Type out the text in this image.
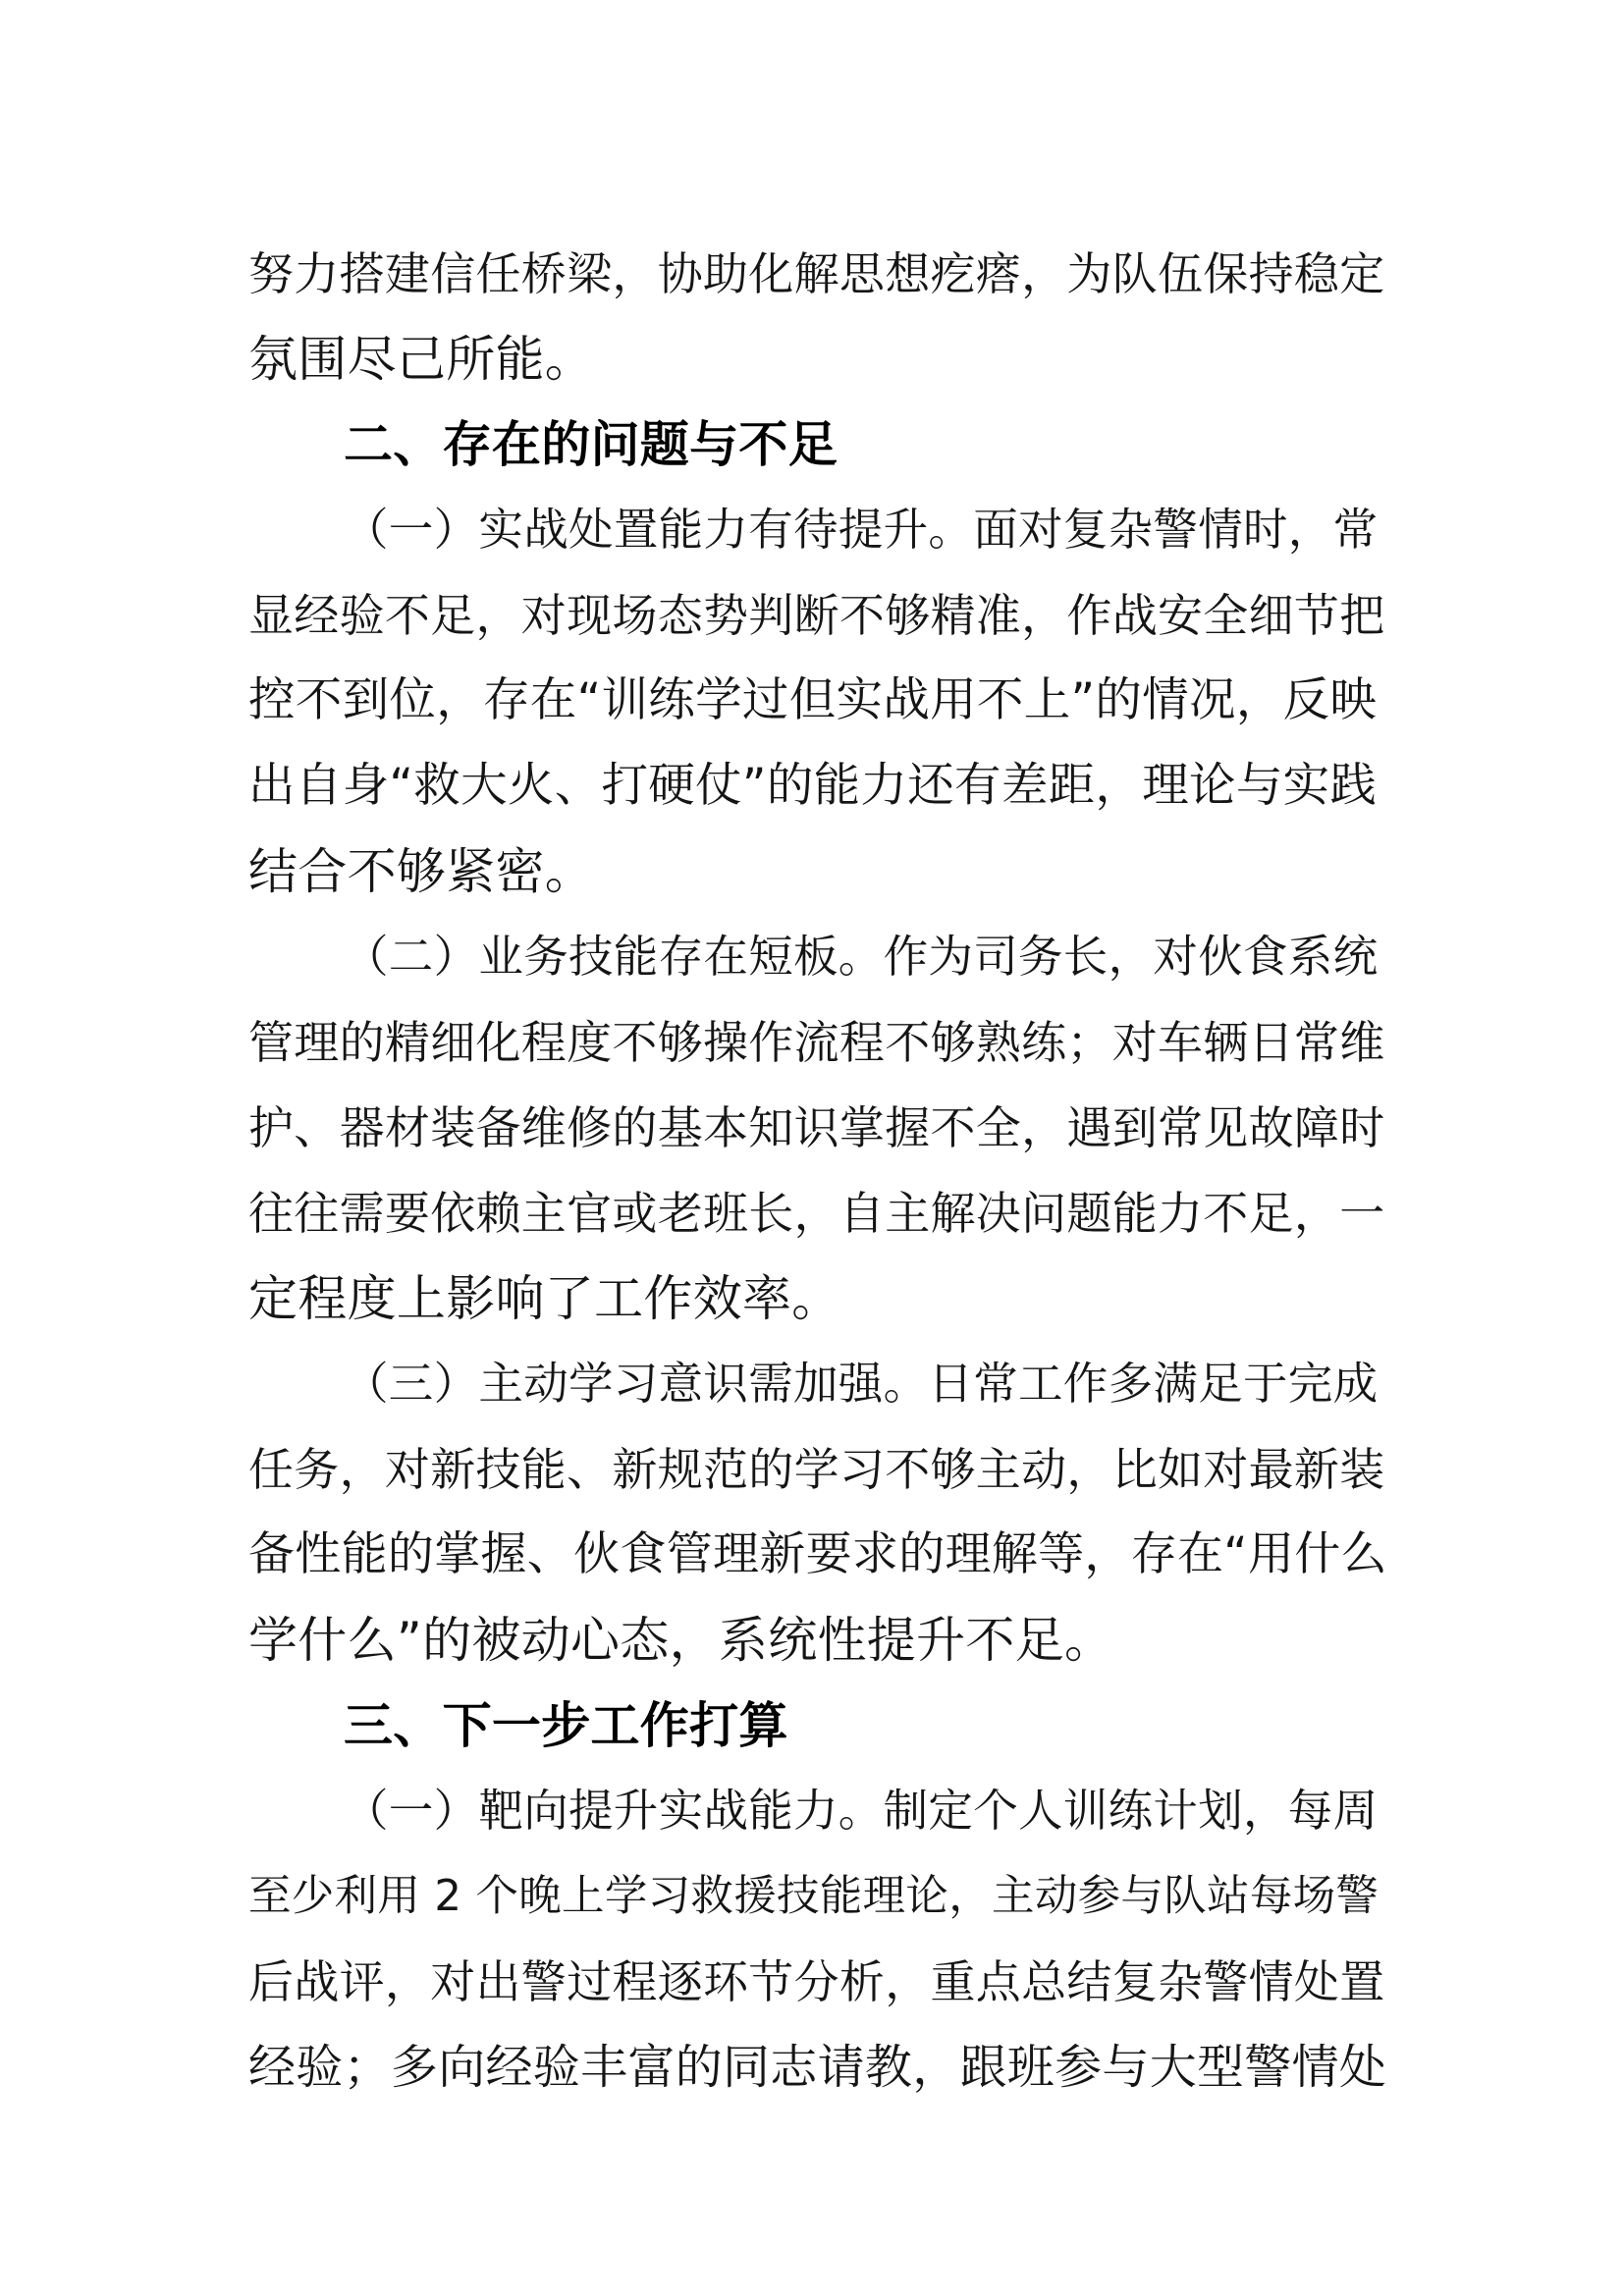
努力搭建信任桥梁，协助化解思想疙瘩，为队伍保持稳定
氛围尽己所能。
二、存在的问题与不足
（一）实战处置能力有待提升。面对复杂警情时，常
显经验不足，对现场态势判断不够精准，作战安全细节把
控不到位，存在“训练学过但实战用不上”的情况，反映
出自身“救大火、打硬仗”的能力还有差距，理论与实践
结合不够紧密。
（二）业务技能存在短板。作为司务长，对伙食系统
管理的精细化程度不够操作流程不够熟练；对车辆日常维
护、器材装备维修的基本知识掌握不全，遇到常见故障时
往往需要依赖主官或老班长，自主解决问题能力不足，一
定程度上影响了工作效率。
（三）主动学习意识需加强。日常工作多满足于完成
任务，对新技能、新规范的学习不够主动，比如对最新装
备性能的掌握、伙食管理新要求的理解等，存在“用什么
学什么”的被动心态，系统性提升不足。
三、下一步工作打算
（一）靶向提升实战能力。制定个人训练计划，每周
至少利用 2 个晚上学习救援技能理论，主动参与队站每场警
后战评，对出警过程逐环节分析，重点总结复杂警情处置
经验；多向经验丰富的同志请教，跟班参与大型警情处
